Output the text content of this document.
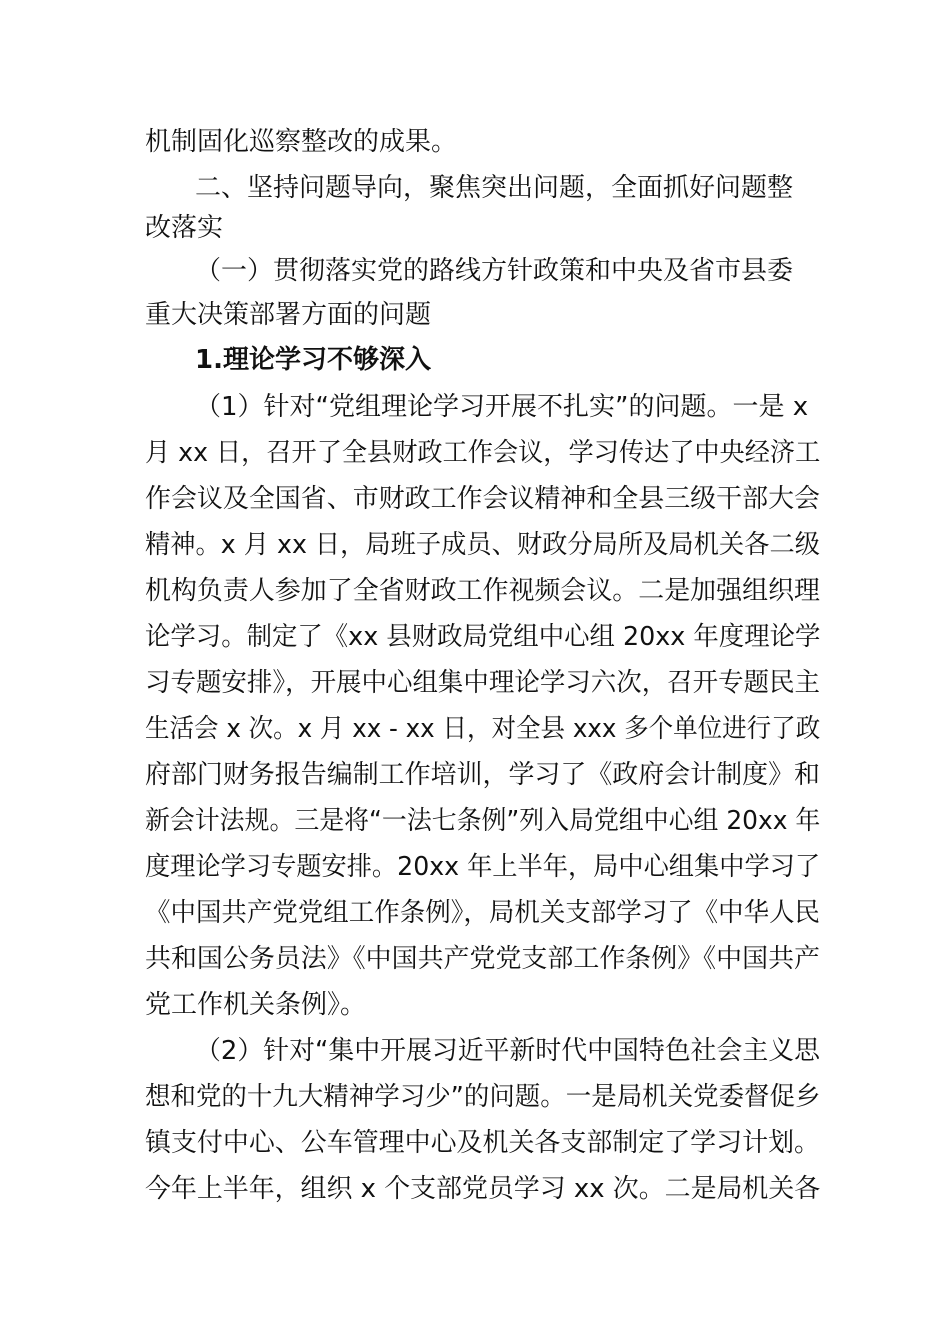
机制固化巡察整改的成果。
二、坚持问题导向，聚焦突出问题，全面抓好问题整
改落实
（一）贯彻落实党的路线方针政策和中央及省市县委
重大决策部署方面的问题
1.理论学习不够深入
（1）针对“党组理论学习开展不扎实”的问题。一是 x
月 xx 日，召开了全县财政工作会议，学习传达了中央经济工
作会议及全国省、市财政工作会议精神和全县三级干部大会
精神。x 月 xx 日，局班子成员、财政分局所及局机关各二级
机构负责人参加了全省财政工作视频会议。二是加强组织理
论学习。制定了《xx 县财政局党组中心组 20xx 年度理论学
习专题安排》，开展中心组集中理论学习六次，召开专题民主
生活会 x 次。x 月 xx - xx 日，对全县 xxx 多个单位进行了政
府部门财务报告编制工作培训，学习了《政府会计制度》和
新会计法规。三是将“一法七条例”列入局党组中心组 20xx 年
度理论学习专题安排。20xx 年上半年，局中心组集中学习了
《中国共产党党组工作条例》，局机关支部学习了《中华人民
共和国公务员法》《中国共产党党支部工作条例》《中国共产
党工作机关条例》。
（2）针对“集中开展习近平新时代中国特色社会主义思
想和党的十九大精神学习少”的问题。一是局机关党委督促乡
镇支付中心、公车管理中心及机关各支部制定了学习计划。
今年上半年，组织 x 个支部党员学习 xx 次。二是局机关各
